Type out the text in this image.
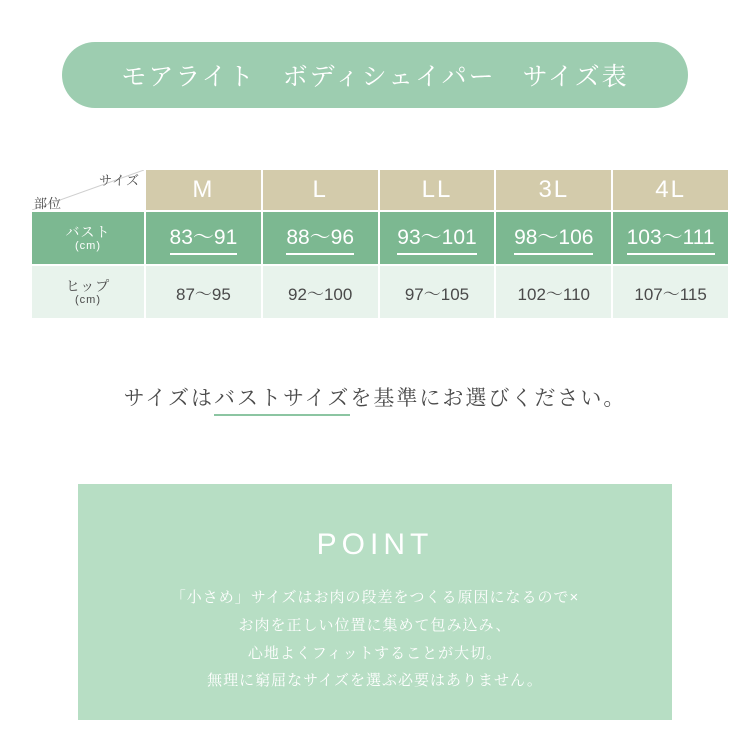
モアライト　ボディシェイパー　サイズ表
サイズ
部位	M	L	LL	3L	4L
バスト
(cm)	83〜91	88〜96	93〜101	98〜106	103〜111
ヒップ
(cm)	87〜95	92〜100	97〜105	102〜110	107〜115
サイズはバストサイズを基準にお選びください。
POINT
「小さめ」サイズはお肉の段差をつくる原因になるので×
お肉を正しい位置に集めて包み込み、
心地よくフィットすることが大切。
無理に窮屈なサイズを選ぶ必要はありません。
